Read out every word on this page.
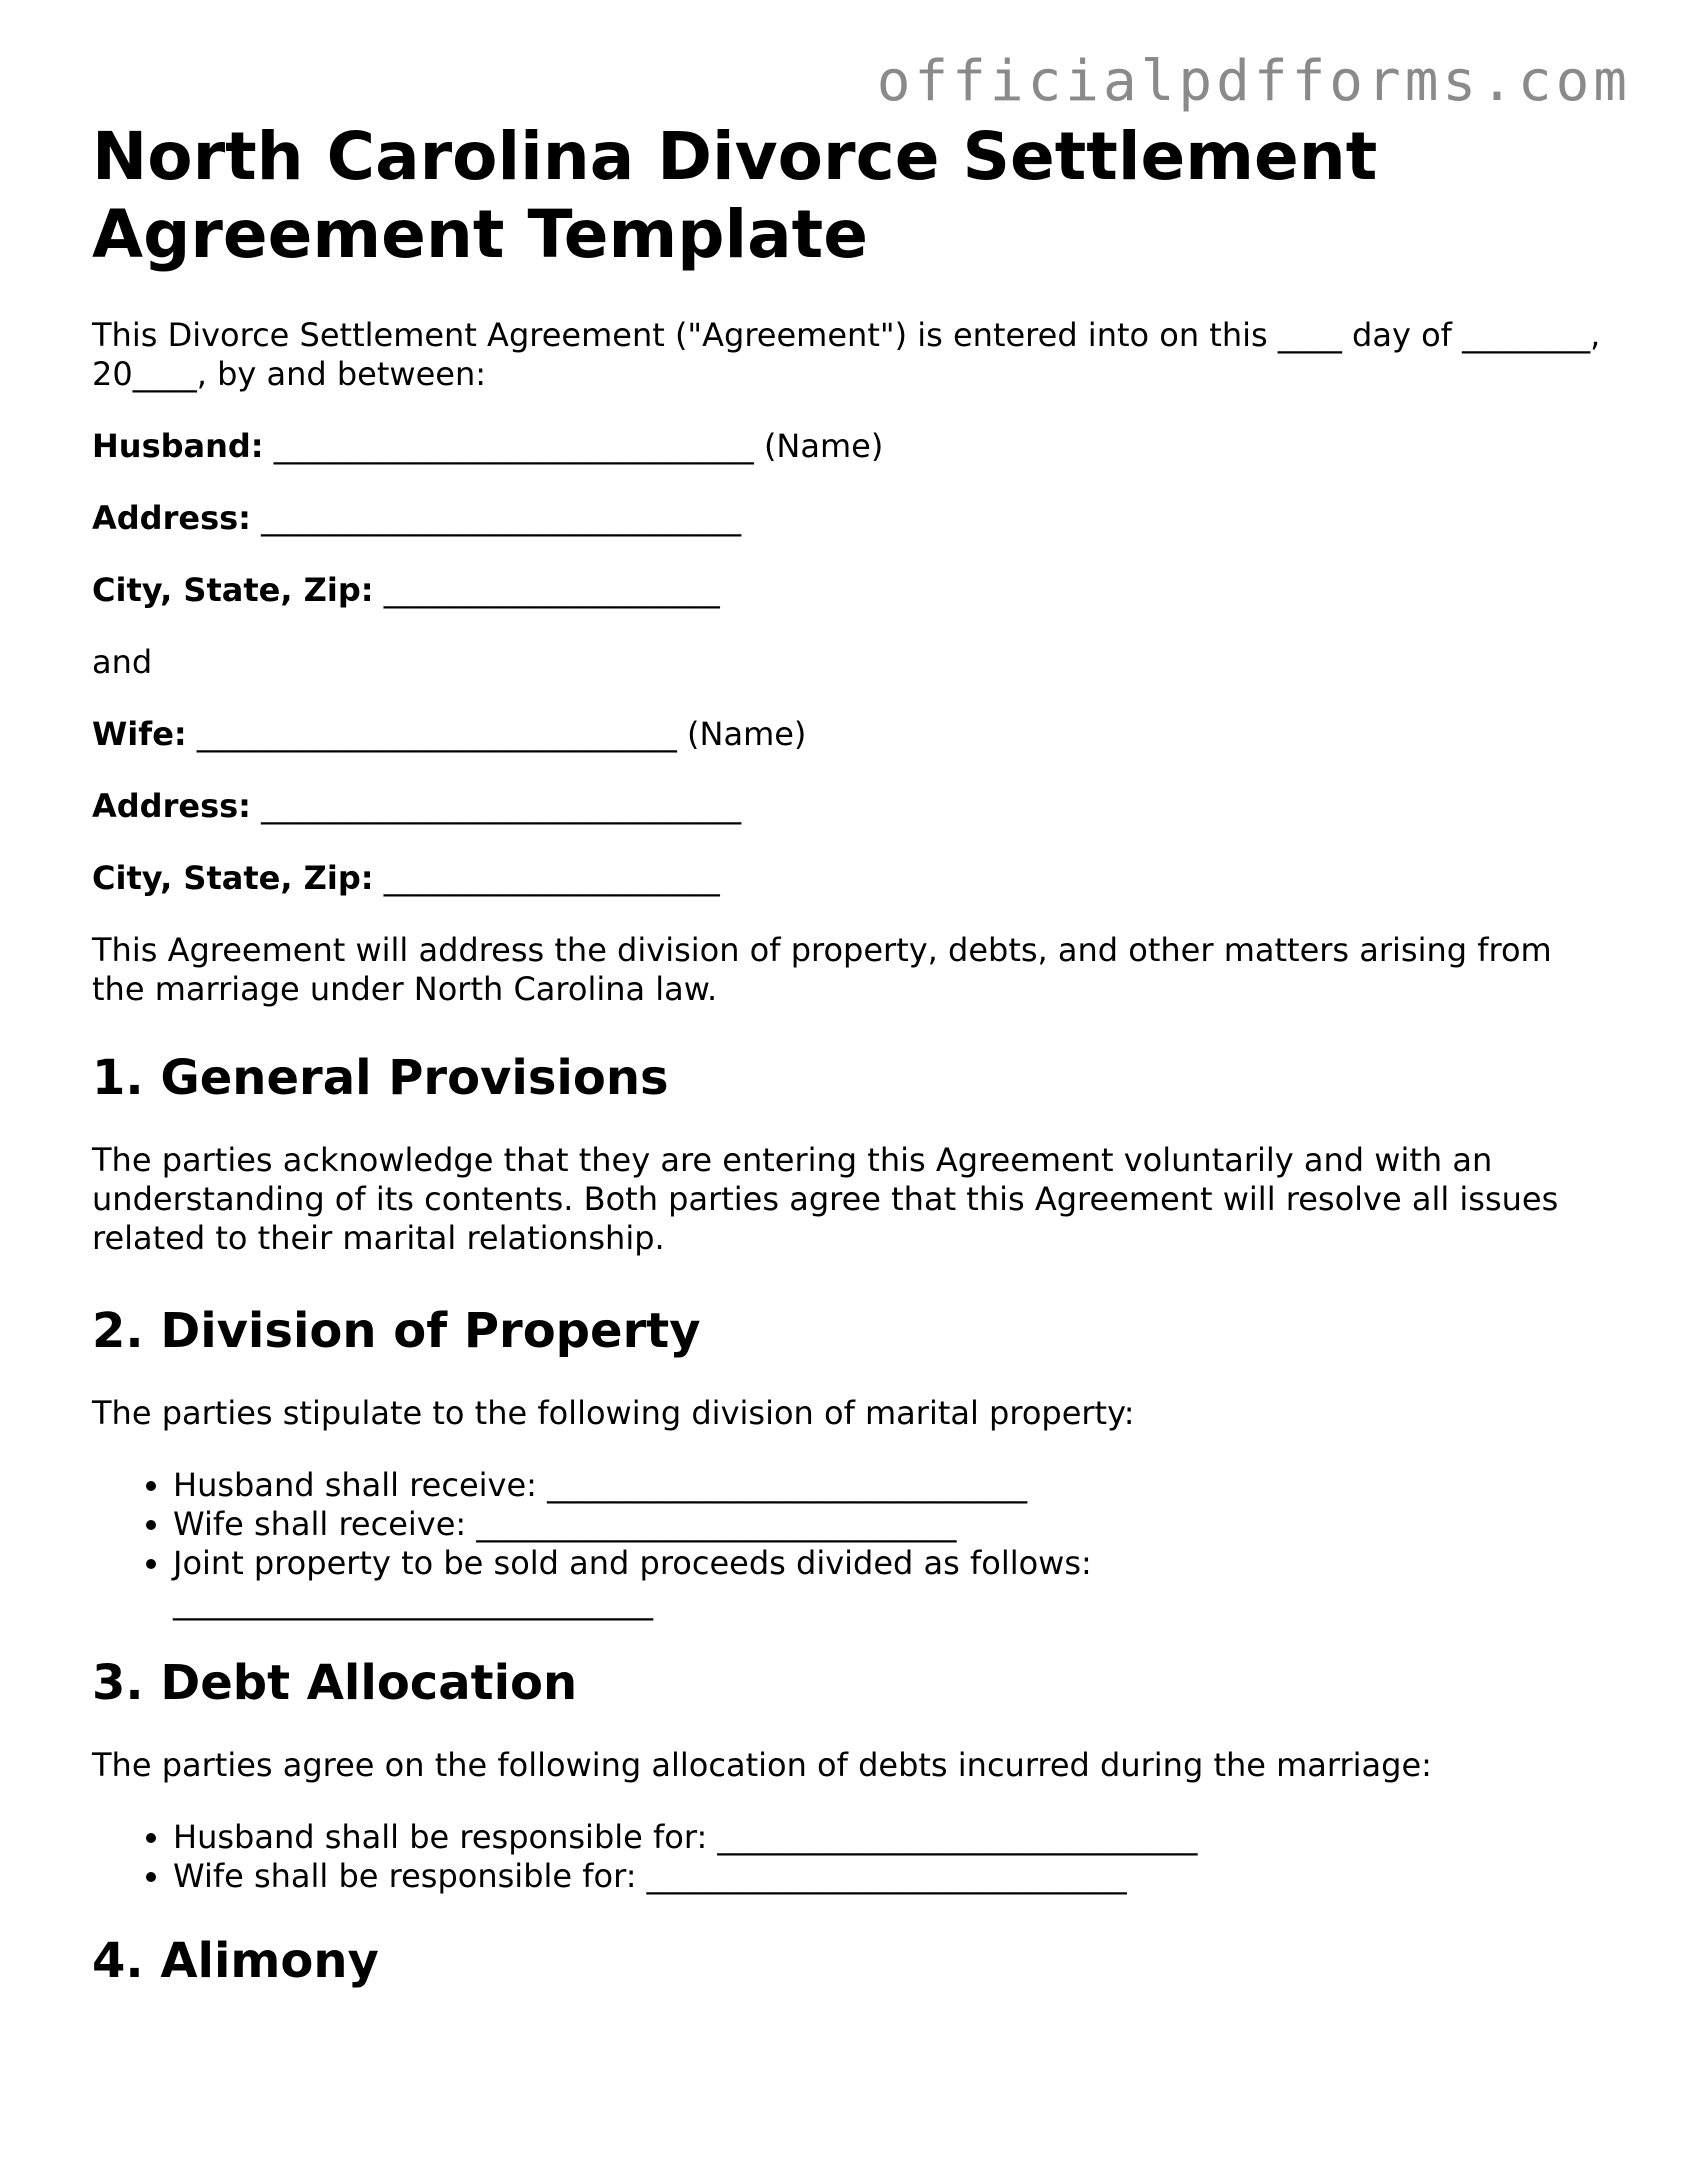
officialpdfforms.com
North Carolina Divorce Settlement Agreement Template

This Divorce Settlement Agreement ("Agreement") is entered into on this ____ day of ________, 20____, by and between:

Husband: ______________________________ (Name)
Address: ______________________________
City, State, Zip: _____________________

and

Wife: ______________________________ (Name)
Address: ______________________________
City, State, Zip: _____________________

This Agreement will address the division of property, debts, and other matters arising from the marriage under North Carolina law.

1. General Provisions

The parties acknowledge that they are entering this Agreement voluntarily and with an understanding of its contents. Both parties agree that this Agreement will resolve all issues related to their marital relationship.

2. Division of Property

The parties stipulate to the following division of marital property:

• Husband shall receive: ______________________________
• Wife shall receive: ______________________________
• Joint property to be sold and proceeds divided as follows: ______________________________
3. Debt Allocation

The parties agree on the following allocation of debts incurred during the marriage:

• Husband shall be responsible for: ______________________________
• Wife shall be responsible for: ______________________________
4. Alimony
